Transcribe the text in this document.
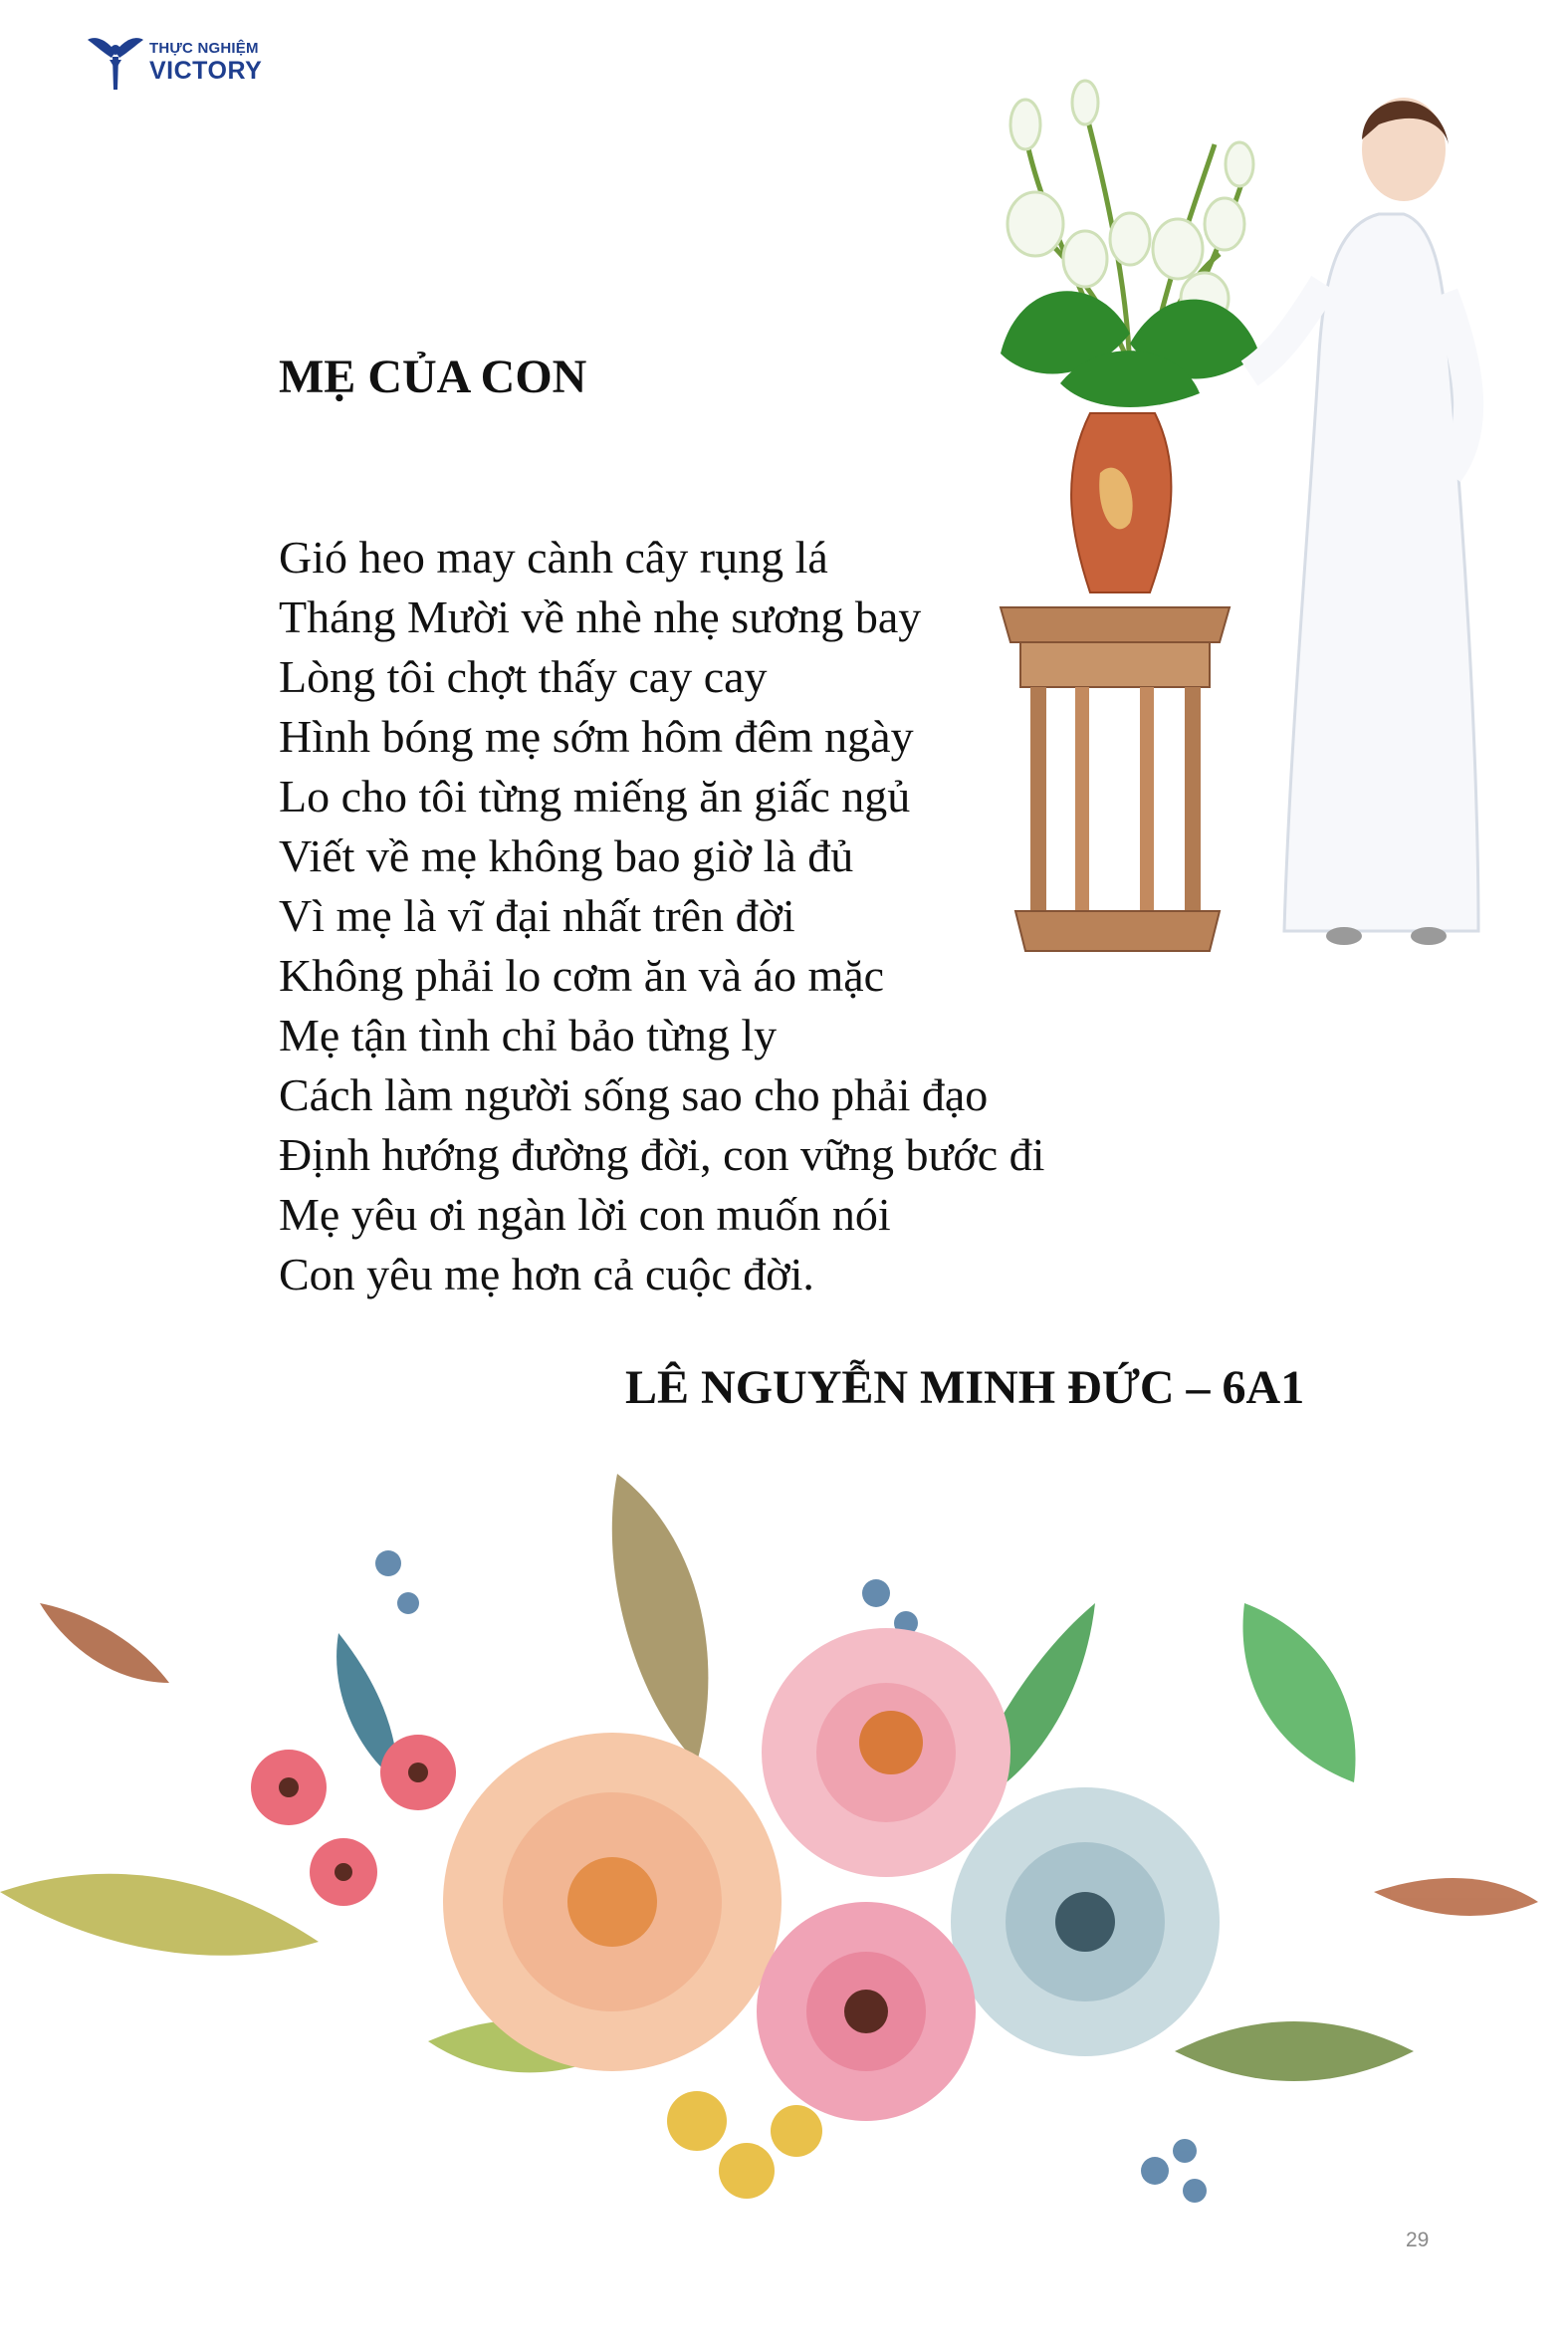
THỰC NGHIỆM
VICTORY
MẸ CỦA CON
Gió heo may cành cây rụng lá
Tháng Mười về nhè nhẹ sương bay
Lòng tôi chợt thấy cay cay
Hình bóng mẹ sớm hôm đêm ngày
Lo cho tôi từng miếng ăn giấc ngủ
Viết về mẹ không bao giờ là đủ
Vì mẹ là vĩ đại nhất trên đời
Không phải lo cơm ăn và áo mặc
Mẹ tận tình chỉ bảo từng ly
Cách làm người sống sao cho phải đạo
Định hướng đường đời, con vững bước đi
Mẹ yêu ơi ngàn lời con muốn nói
Con yêu mẹ hơn cả cuộc đời.

LÊ NGUYỄN MINH ĐỨC – 6A1

29
